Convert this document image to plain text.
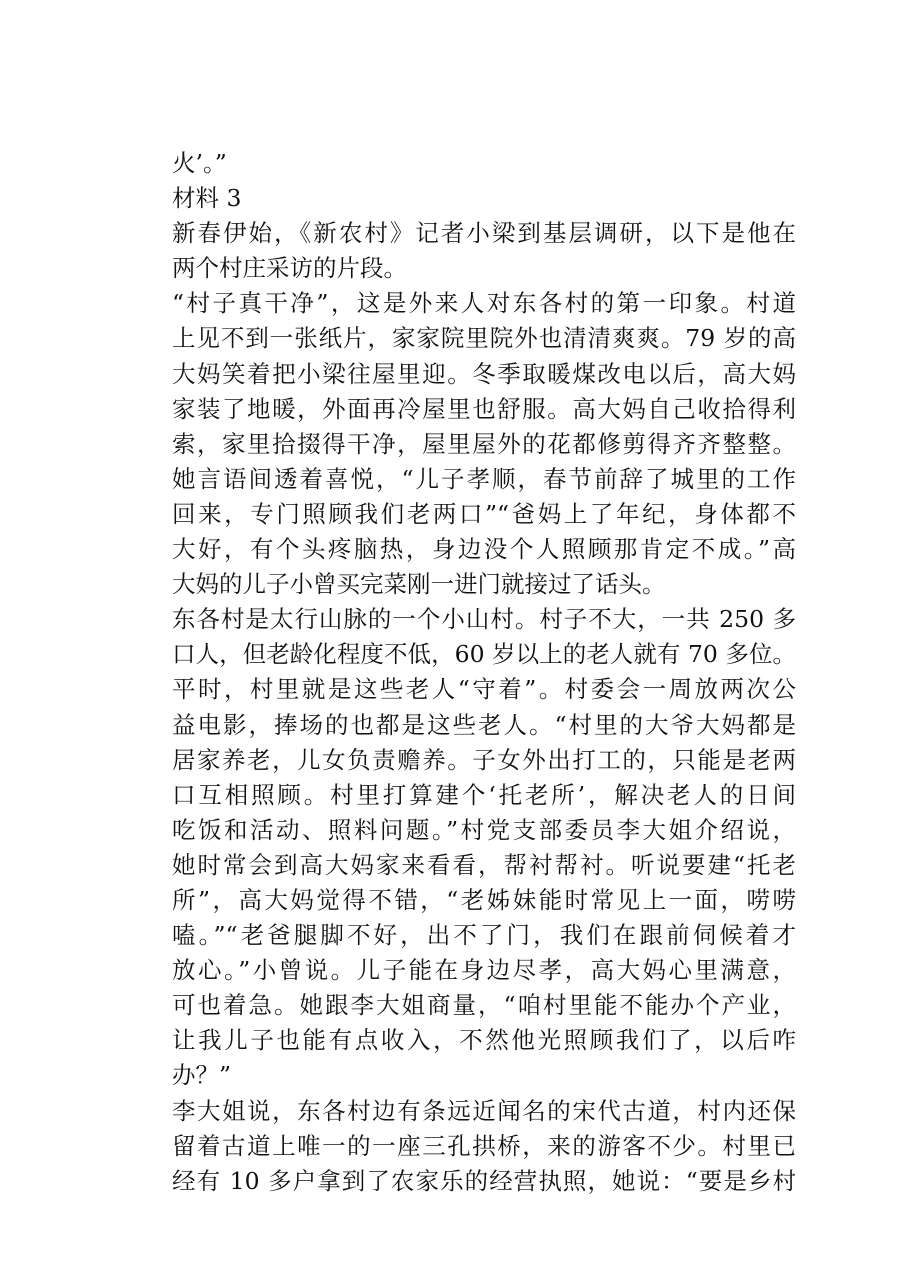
火’。”
材料 3
新春伊始，《新农村》记者小梁到基层调研，以下是他在
两个村庄采访的片段。
“村子真干净”，这是外来人对东各村的第一印象。村道
上见不到一张纸片，家家院里院外也清清爽爽。79 岁的高
大妈笑着把小梁往屋里迎。冬季取暖煤改电以后，高大妈
家装了地暖，外面再冷屋里也舒服。高大妈自己收拾得利
索，家里拾掇得干净，屋里屋外的花都修剪得齐齐整整。
她言语间透着喜悦，“儿子孝顺，春节前辞了城里的工作
回来，专门照顾我们老两口”“爸妈上了年纪，身体都不
大好，有个头疼脑热，身边没个人照顾那肯定不成。”高
大妈的儿子小曾买完菜刚一进门就接过了话头。
东各村是太行山脉的一个小山村。村子不大，一共 250 多
口人，但老龄化程度不低，60 岁以上的老人就有 70 多位。
平时，村里就是这些老人“守着”。村委会一周放两次公
益电影，捧场的也都是这些老人。“村里的大爷大妈都是
居家养老，儿女负责赡养。子女外出打工的，只能是老两
口互相照顾。村里打算建个‘托老所’，解决老人的日间
吃饭和活动、照料问题。”村党支部委员李大姐介绍说，
她时常会到高大妈家来看看，帮衬帮衬。听说要建“托老
所”，高大妈觉得不错，“老姊妹能时常见上一面，唠唠
嗑。”“老爸腿脚不好，出不了门，我们在跟前伺候着才
放心。”小曾说。儿子能在身边尽孝，高大妈心里满意，
可也着急。她跟李大姐商量，“咱村里能不能办个产业，
让我儿子也能有点收入，不然他光照顾我们了，以后咋
办？”
李大姐说，东各村边有条远近闻名的宋代古道，村内还保
留着古道上唯一的一座三孔拱桥，来的游客不少。村里已
经有 10 多户拿到了农家乐的经营执照，她说：“要是乡村
